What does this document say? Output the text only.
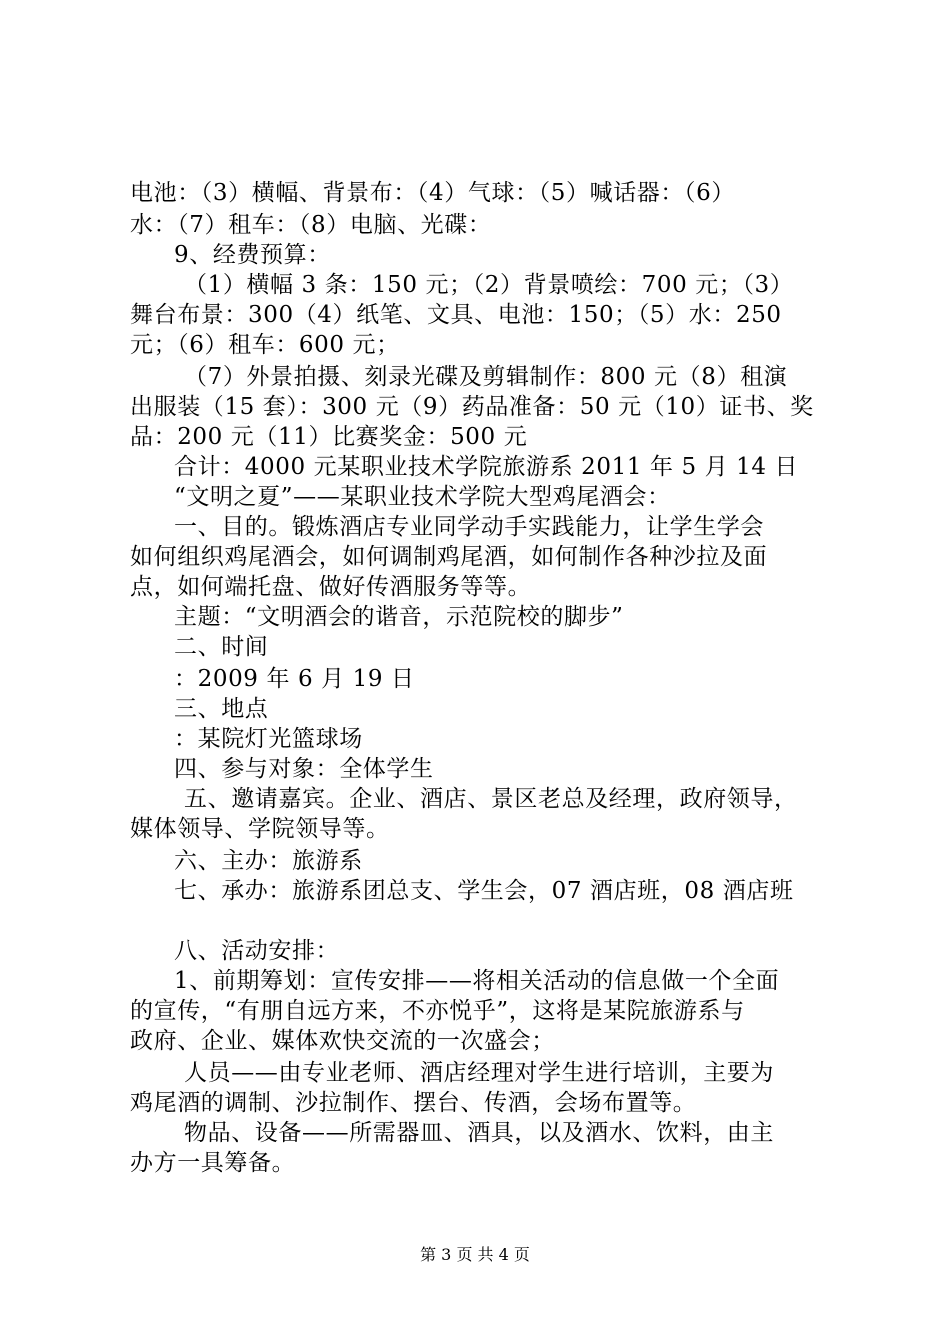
电池：（3）横幅、背景布：（4）气球：（5）喊话器：（6）
水：（7）租车：（8）电脑、光碟：
9、经费预算：
（1）横幅 3 条：150 元；（2）背景喷绘：700 元；（3）
舞台布景：300（4）纸笔、文具、电池：150；（5）水：250
元；（6）租车：600 元；
（7）外景拍摄、刻录光碟及剪辑制作：800 元（8）租演
出服装（15 套）：300 元（9）药品准备：50 元（10）证书、奖
品：200 元（11）比赛奖金：500 元
合计：4000 元某职业技术学院旅游系 2011 年 5 月 14 日
“文明之夏”——某职业技术学院大型鸡尾酒会：
一、目的。锻炼酒店专业同学动手实践能力，让学生学会
如何组织鸡尾酒会，如何调制鸡尾酒，如何制作各种沙拉及面
点，如何端托盘、做好传酒服务等等。
主题：“文明酒会的谐音，示范院校的脚步”
二、时间
：2009 年 6 月 19 日
三、地点
：某院灯光篮球场
四、参与对象：全体学生
五、邀请嘉宾。企业、酒店、景区老总及经理，政府领导，
媒体领导、学院领导等。
六、主办：旅游系
七、承办：旅游系团总支、学生会，07 酒店班，08 酒店班
八、活动安排：
1、前期筹划：宣传安排——将相关活动的信息做一个全面
的宣传，“有朋自远方来，不亦悦乎”，这将是某院旅游系与
政府、企业、媒体欢快交流的一次盛会；
人员——由专业老师、酒店经理对学生进行培训，主要为
鸡尾酒的调制、沙拉制作、摆台、传酒，会场布置等。
物品、设备——所需器皿、酒具，以及酒水、饮料，由主
办方一具筹备。
第 3 页 共 4 页
